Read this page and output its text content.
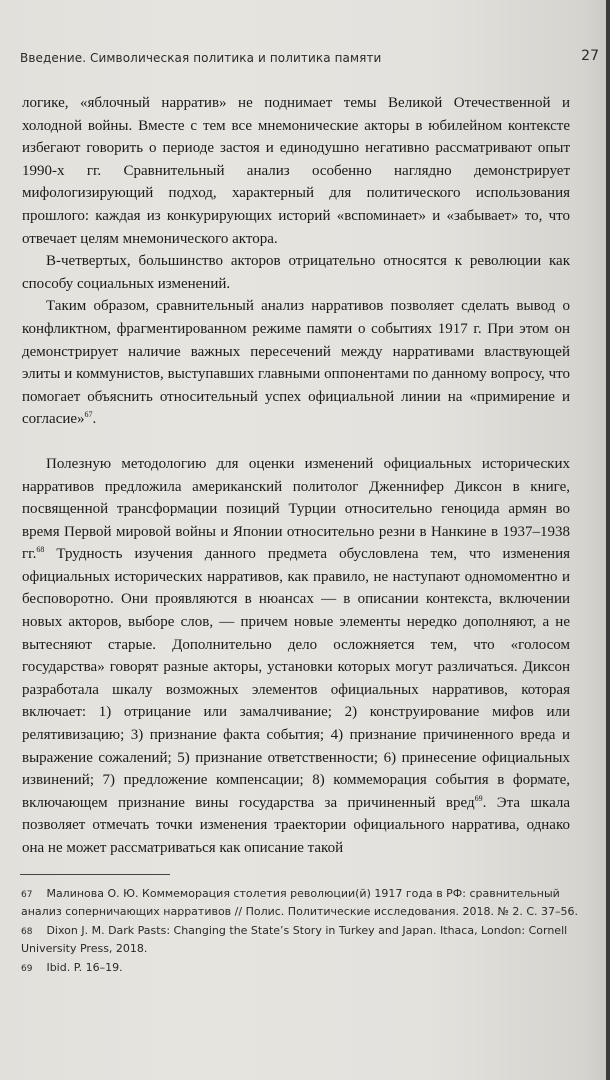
Введение. Символическая политика и политика памяти	27

логике, «яблочный нарратив» не поднимает темы Великой Отечественной и холодной войны. Вместе с тем все мнемонические акторы в юбилейном контексте избегают говорить о периоде застоя и единодушно негативно рассматривают опыт 1990-х гг. Сравнительный анализ особенно наглядно демонстрирует мифологизирующий подход, характерный для политического использования прошлого: каждая из конкурирующих историй «вспоминает» и «забывает» то, что отвечает целям мнемонического актора.

В-четвертых, большинство акторов отрицательно относятся к революции как способу социальных изменений.

Таким образом, сравнительный анализ нарративов позволяет сделать вывод о конфликтном, фрагментированном режиме памяти о событиях 1917 г. При этом он демонстрирует наличие важных пересечений между нарративами властвующей элиты и коммунистов, выступавших главными оппонентами по данному вопросу, что помогает объяснить относительный успех официальной линии на «примирение и согласие»$^{67}$.

Полезную методологию для оценки изменений официальных исторических нарративов предложила американский политолог Дженнифер Диксон в книге, посвященной трансформации позиций Турции относительно геноцида армян во время Первой мировой войны и Японии относительно резни в Нанкине в 1937–1938 гг.$^{68}$ Трудность изучения данного предмета обусловлена тем, что изменения официальных исторических нарративов, как правило, не наступают одномоментно и бесповоротно. Они проявляются в нюансах — в описании контекста, включении новых акторов, выборе слов, — причем новые элементы нередко дополняют, а не вытесняют старые. Дополнительно дело осложняется тем, что «голосом государства» говорят разные акторы, установки которых могут различаться. Диксон разработала шкалу возможных элементов официальных нарративов, которая включает: 1) отрицание или замалчивание; 2) конструирование мифов или релятивизацию; 3) признание факта события; 4) признание причиненного вреда и выражение сожалений; 5) признание ответственности; 6) принесение официальных извинений; 7) предложение компенсации; 8) коммеморация события в формате, включающем признание вины государства за причиненный вред$^{69}$. Эта шкала позволяет отмечать точки изменения траектории официального нарратива, однако она не может рассматриваться как описание такой

67 Малинова О. Ю. Коммеморация столетия революции(й) 1917 года в РФ: сравнительный анализ соперничающих нарративов // Полис. Политические исследования. 2018. № 2. С. 37–56.

68 Dixon J. M. Dark Pasts: Changing the State’s Story in Turkey and Japan. Ithaca, London: Cornell University Press, 2018.

69 Ibid. P. 16–19.
